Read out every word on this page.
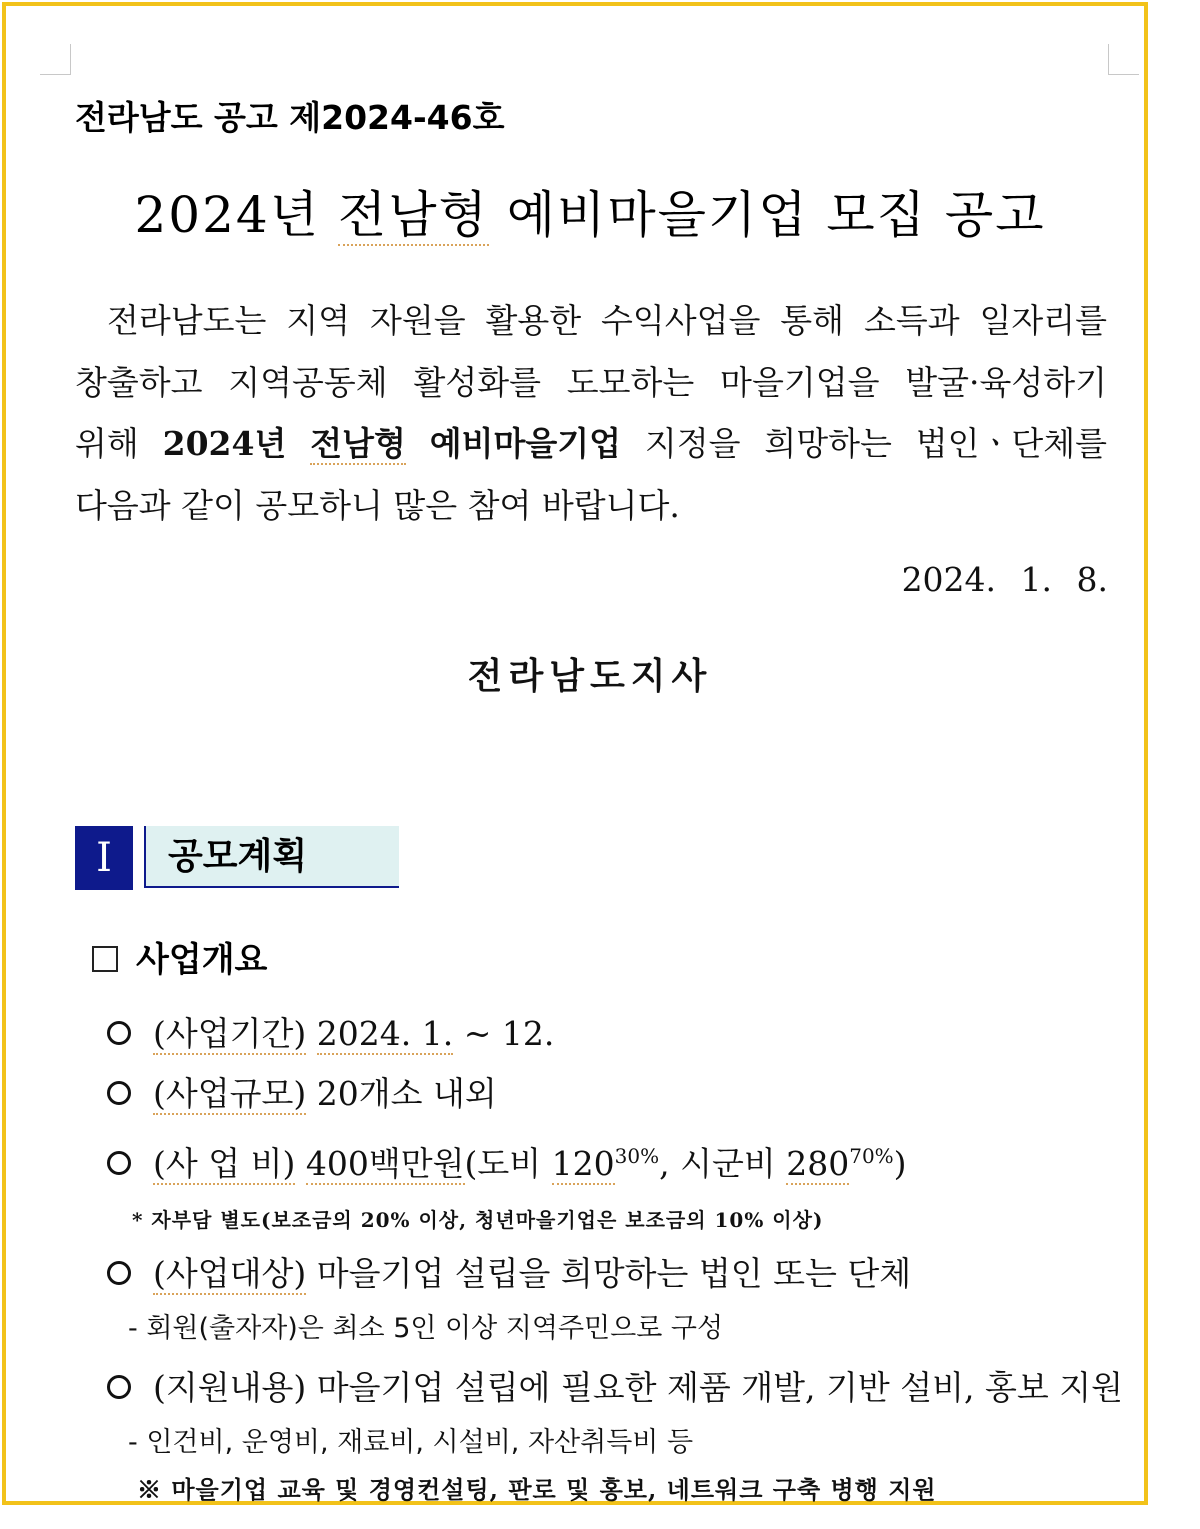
전라남도 공고 제2024-46호
2024년 전남형 예비마을기업 모집 공고
전라남도는 지역 자원을 활용한 수익사업을 통해 소득과 일자리를
창출하고 지역공동체 활성화를 도모하는 마을기업을 발굴·육성하기
위해 2024년 전남형 예비마을기업 지정을 희망하는 법인ㆍ단체를
다음과 같이 공모하니 많은 참여 바랍니다.
2024. 1. 8.
전라남도지사
Ⅰ	공모계획
사업개요
(사업기간) 2024. 1. ~ 12.
(사업규모) 20개소 내외
(사 업 비) 400백만원(도비 $120^{30\%}$, 시군비 $280^{70\%}$)
* 자부담 별도(보조금의 20% 이상, 청년마을기업은 보조금의 10% 이상)
(사업대상) 마을기업 설립을 희망하는 법인 또는 단체
- 회원(출자자)은 최소 5인 이상 지역주민으로 구성
(지원내용) 마을기업 설립에 필요한 제품 개발, 기반 설비, 홍보 지원
- 인건비, 운영비, 재료비, 시설비, 자산취득비 등
※ 마을기업 교육 및 경영컨설팅, 판로 및 홍보, 네트워크 구축 병행 지원
